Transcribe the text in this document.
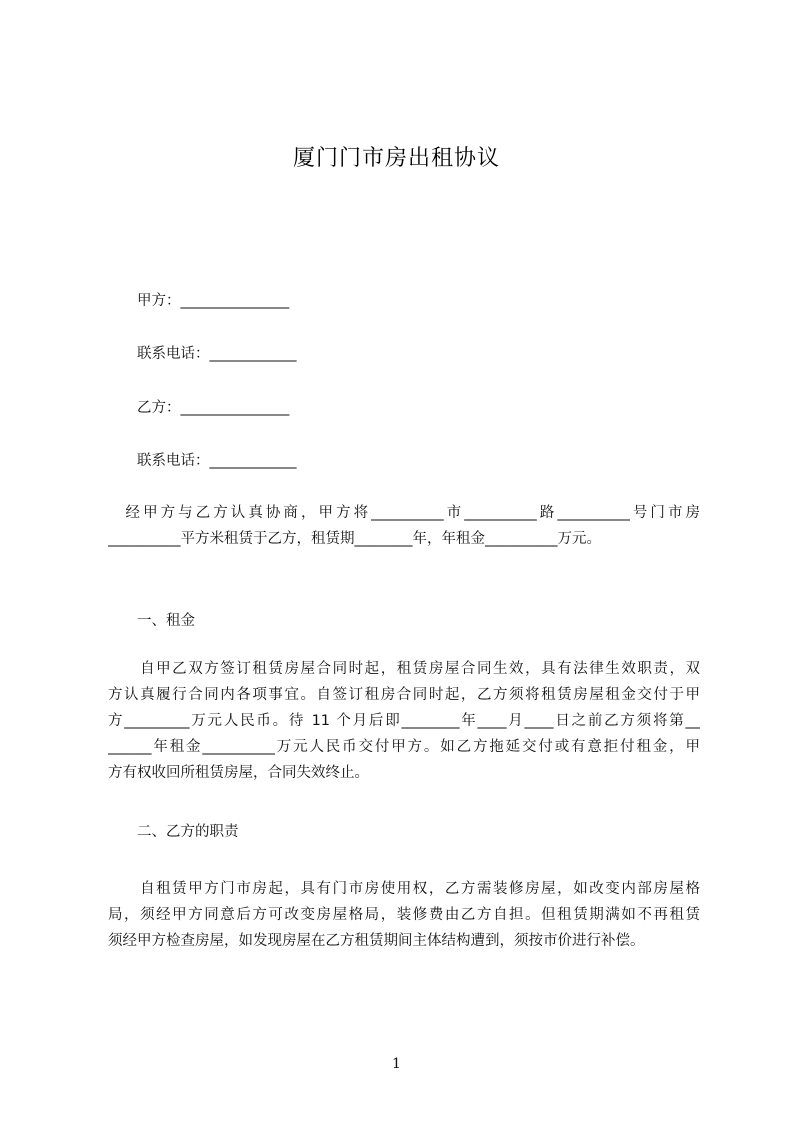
厦门门市房出租协议
甲方：_______________
联系电话：____________
乙方：_______________
联系电话：____________
　经甲方与乙方认真协商，甲方将__________市__________路__________号门市房
__________平方米租赁于乙方，租赁期________年，年租金__________万元。
一、租金
　　自甲乙双方签订租赁房屋合同时起，租赁房屋合同生效，具有法律生效职责，双
方认真履行合同内各项事宜。自签订租房合同时起，乙方须将租赁房屋租金交付于甲
方_________万元人民币。待 11 个月后即________年____月____日之前乙方须将第__
______年租金__________万元人民币交付甲方。如乙方拖延交付或有意拒付租金，甲
方有权收回所租赁房屋，合同失效终止。
二、乙方的职责
　　自租赁甲方门市房起，具有门市房使用权，乙方需装修房屋，如改变内部房屋格
局，须经甲方同意后方可改变房屋格局，装修费由乙方自担。但租赁期满如不再租赁
须经甲方检查房屋，如发现房屋在乙方租赁期间主体结构遭到，须按市价进行补偿。
1
